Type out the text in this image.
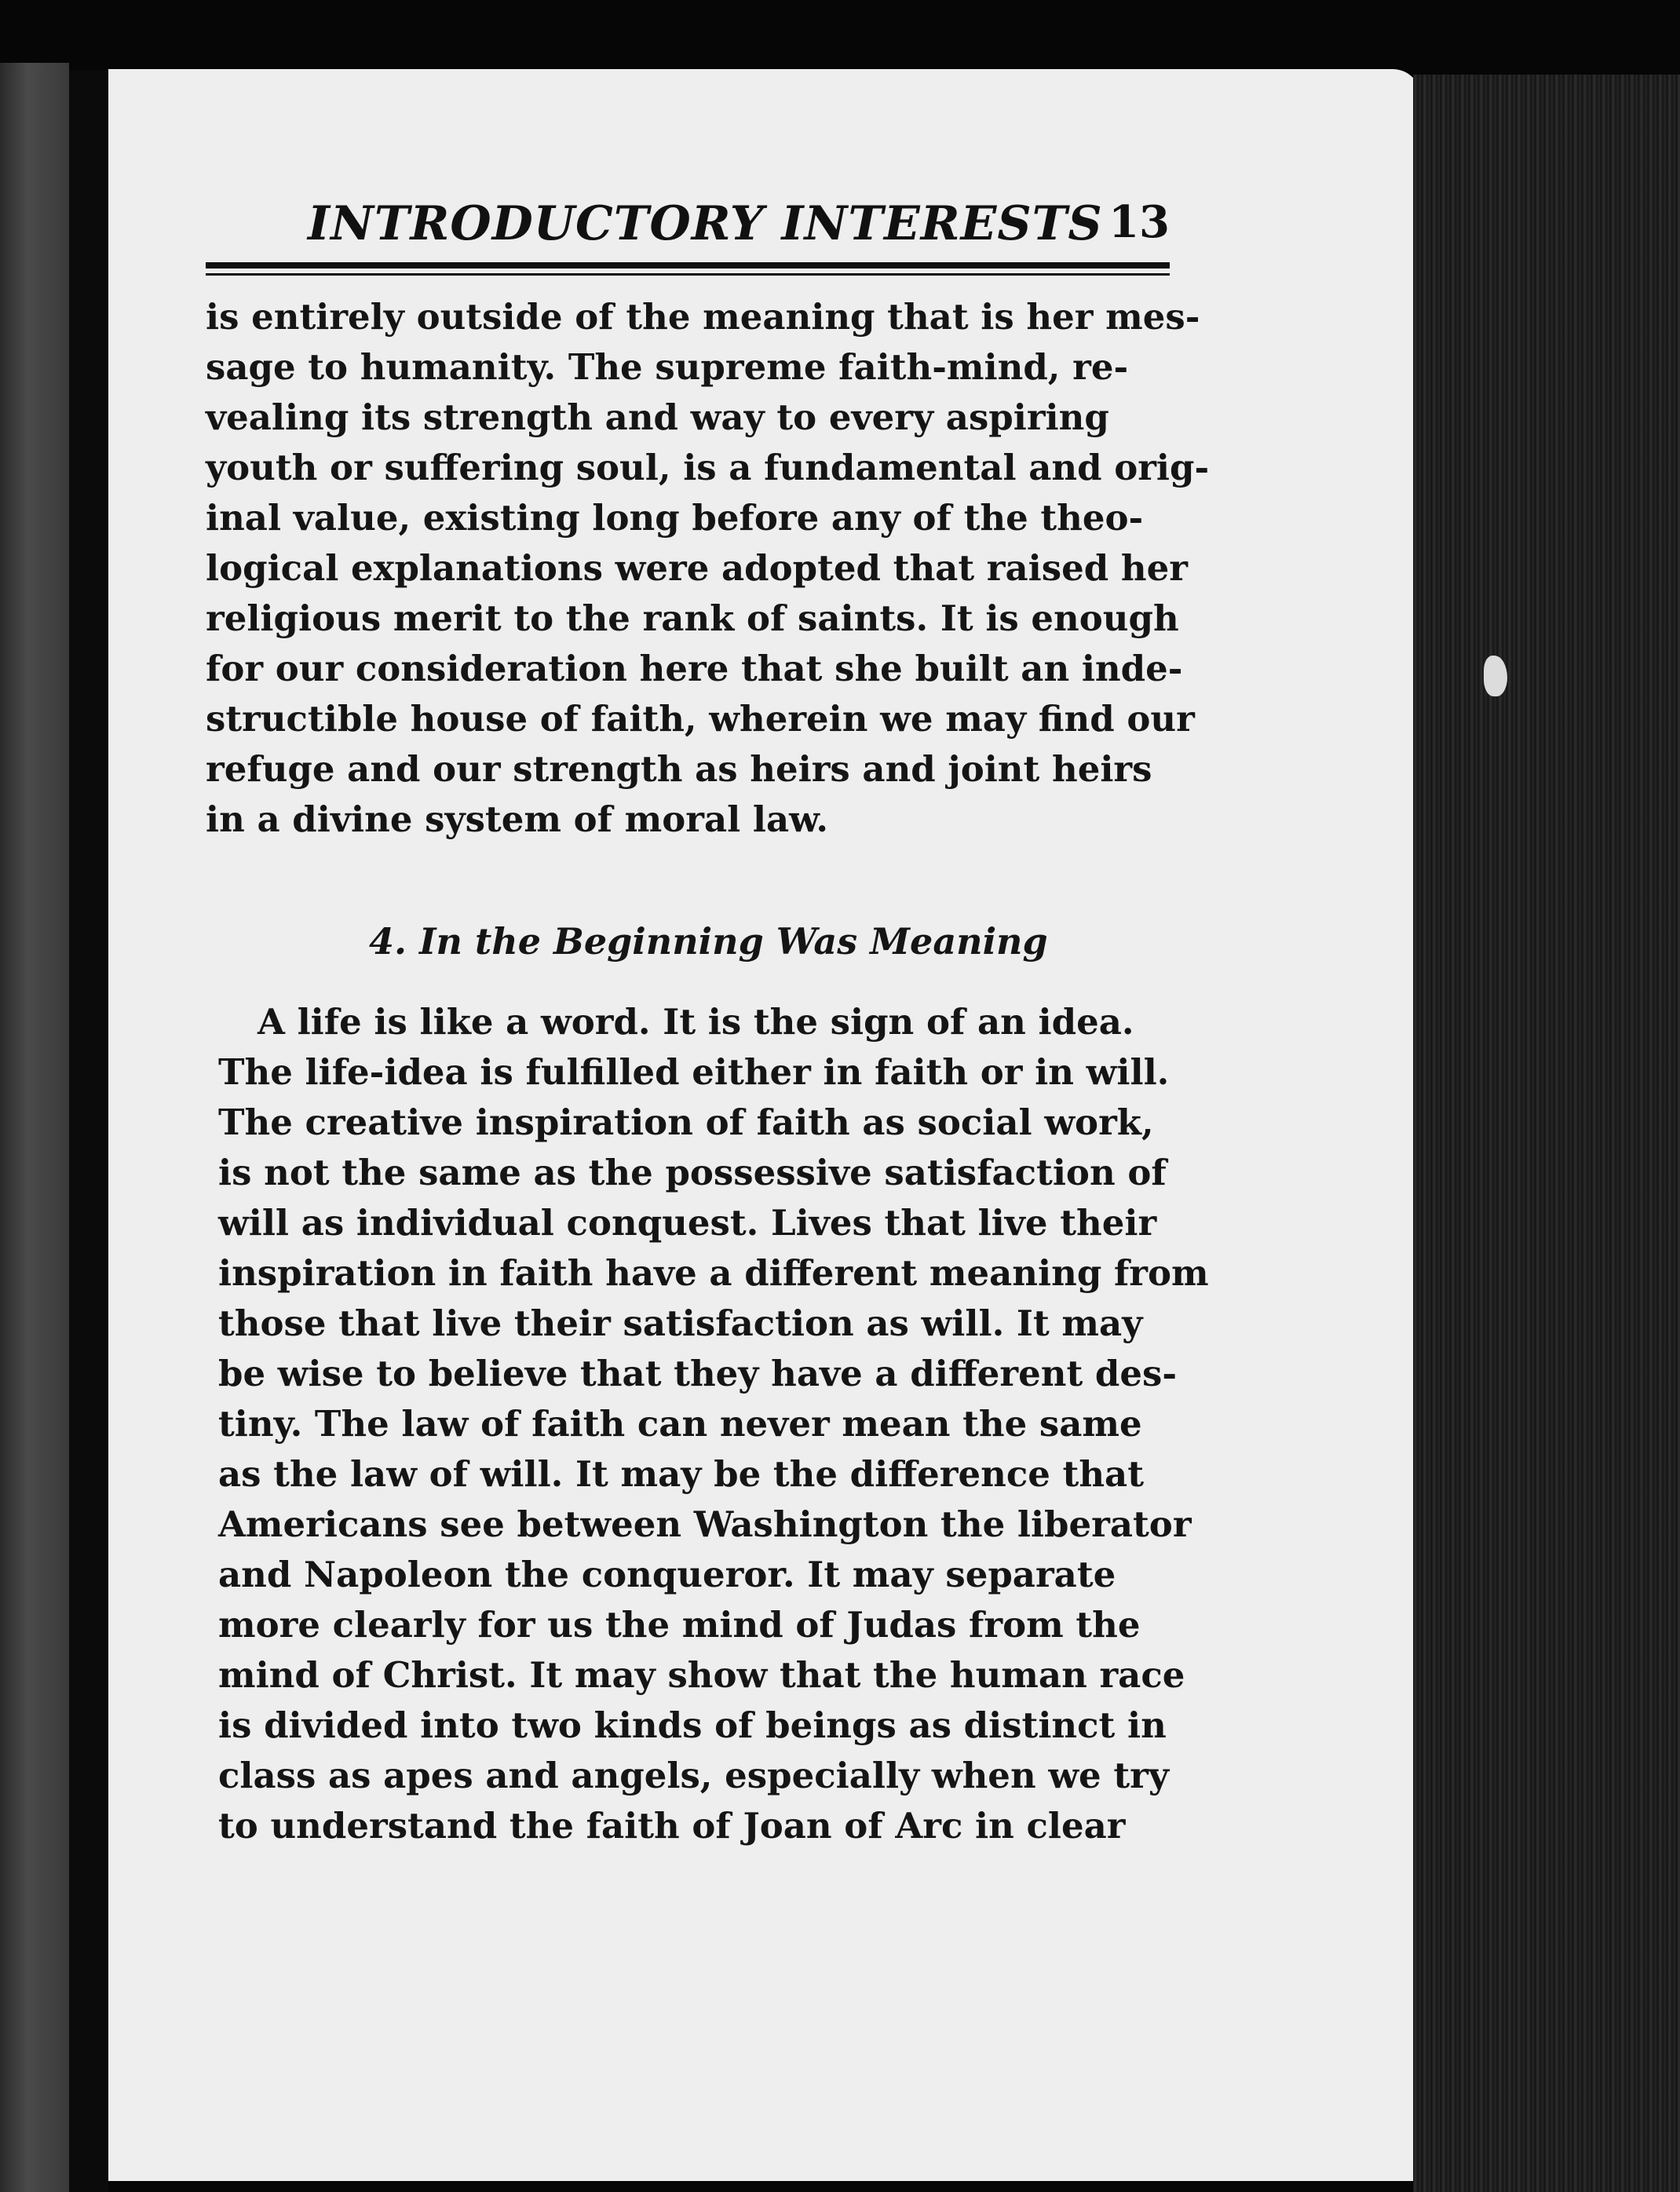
INTRODUCTORY INTERESTS 13
is entirely outside of the meaning that is her mes-
sage to humanity. The supreme faith-mind, re-
vealing its strength and way to every aspiring
youth or suffering soul, is a fundamental and orig-
inal value, existing long before any of the theo-
logical explanations were adopted that raised her
religious merit to the rank of saints. It is enough
for our consideration here that she built an inde-
structible house of faith, wherein we may find our
refuge and our strength as heirs and joint heirs
in a divine system of moral law.
4. In the Beginning Was Meaning
A life is like a word. It is the sign of an idea.
The life-idea is fulfilled either in faith or in will.
The creative inspiration of faith as social work,
is not the same as the possessive satisfaction of
will as individual conquest. Lives that live their
inspiration in faith have a different meaning from
those that live their satisfaction as will. It may
be wise to believe that they have a different des-
tiny. The law of faith can never mean the same
as the law of will. It may be the difference that
Americans see between Washington the liberator
and Napoleon the conqueror. It may separate
more clearly for us the mind of Judas from the
mind of Christ. It may show that the human race
is divided into two kinds of beings as distinct in
class as apes and angels, especially when we try
to understand the faith of Joan of Arc in clear
